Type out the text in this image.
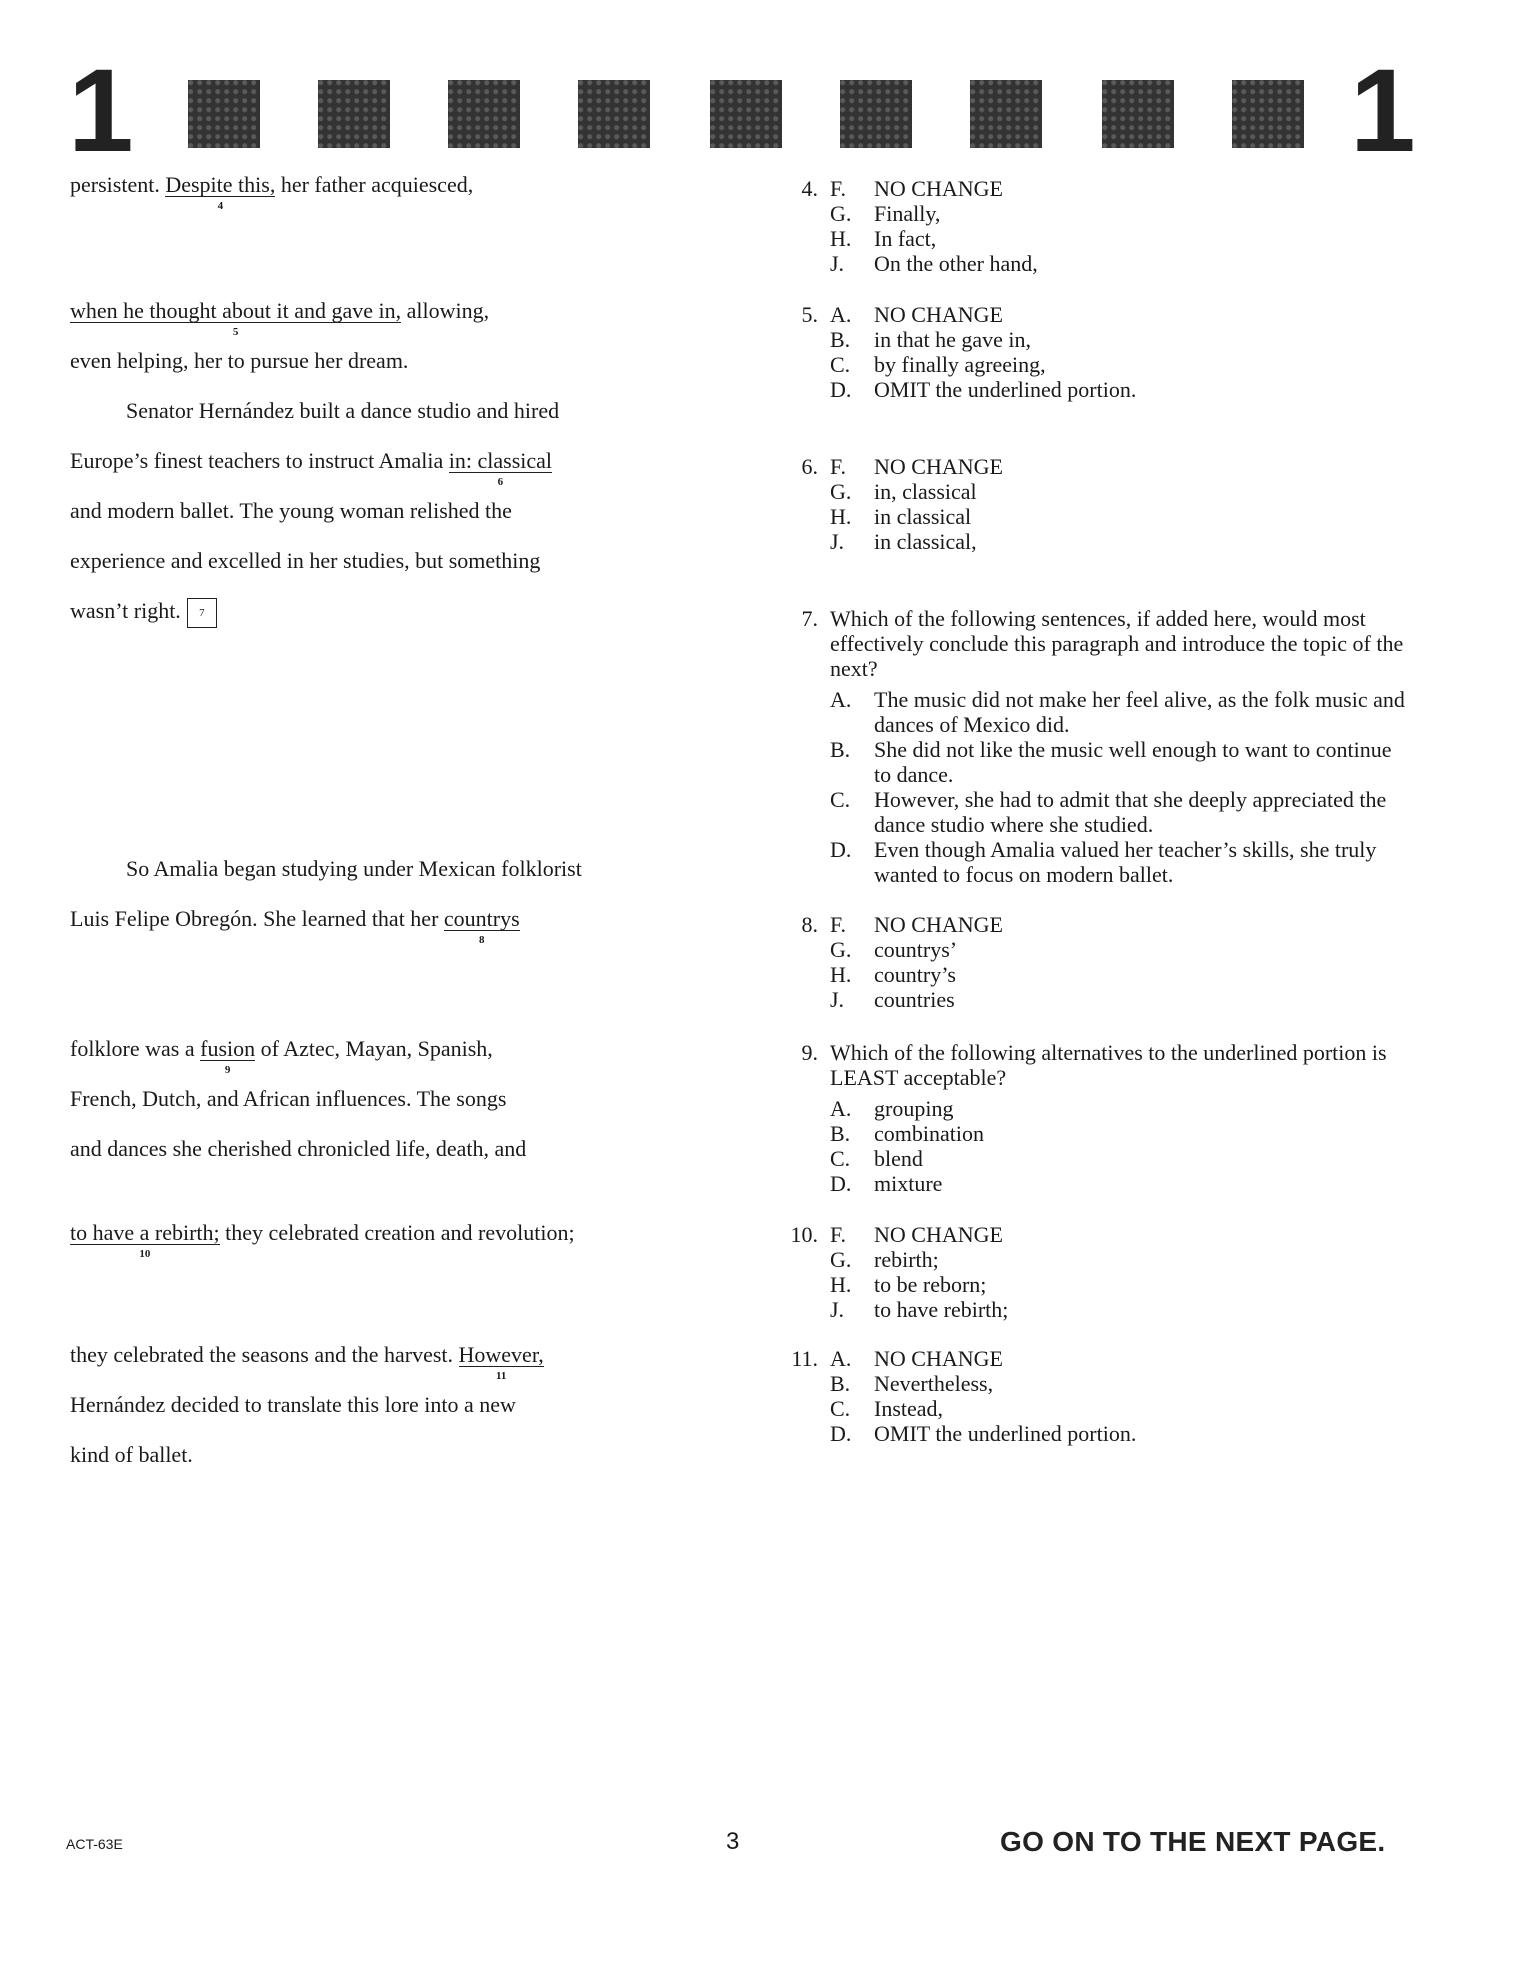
1	1
persistent. Despite this,
4
her father acquiesced,
when he thought about it and gave in,
5
allowing,
even helping, her to pursue her dream.
Senator Hernández built a dance studio and hired
Europe’s finest teachers to instruct Amalia in: classical
6
and modern ballet. The young woman relished the
experience and excelled in her studies, but something
wasn’t right. 7
So Amalia began studying under Mexican folklorist
Luis Felipe Obregón. She learned that her countrys
8
folklore was a fusion
9
of Aztec, Mayan, Spanish,
French, Dutch, and African influences. The songs
and dances she cherished chronicled life, death, and
to have a rebirth;
10
they celebrated creation and revolution;
they celebrated the seasons and the harvest. However,
11
Hernández decided to translate this lore into a new
kind of ballet.
4. F.	NO CHANGE
G.	Finally,
H.	In fact,
J.	On the other hand,
5. A.	NO CHANGE
B.	in that he gave in,
C.	by finally agreeing,
D.	OMIT the underlined portion.
6. F.	NO CHANGE
G.	in, classical
H.	in classical
J.	in classical,
7. Which of the following sentences, if added here, would most effectively conclude this paragraph and introduce the topic of the next?
A.	The music did not make her feel alive, as the folk music and dances of Mexico did.
B.	She did not like the music well enough to want to continue to dance.
C.	However, she had to admit that she deeply appreciated the dance studio where she studied.
D.	Even though Amalia valued her teacher’s skills, she truly wanted to focus on modern ballet.
8. F.	NO CHANGE
G.	countrys’
H.	country’s
J.	countries
9. Which of the following alternatives to the underlined portion is LEAST acceptable?
A.	grouping
B.	combination
C.	blend
D.	mixture
10. F.	NO CHANGE
G.	rebirth;
H.	to be reborn;
J.	to have rebirth;
11. A.	NO CHANGE
B.	Nevertheless,
C.	Instead,
D.	OMIT the underlined portion.
ACT-63E	3	GO ON TO THE NEXT PAGE.
